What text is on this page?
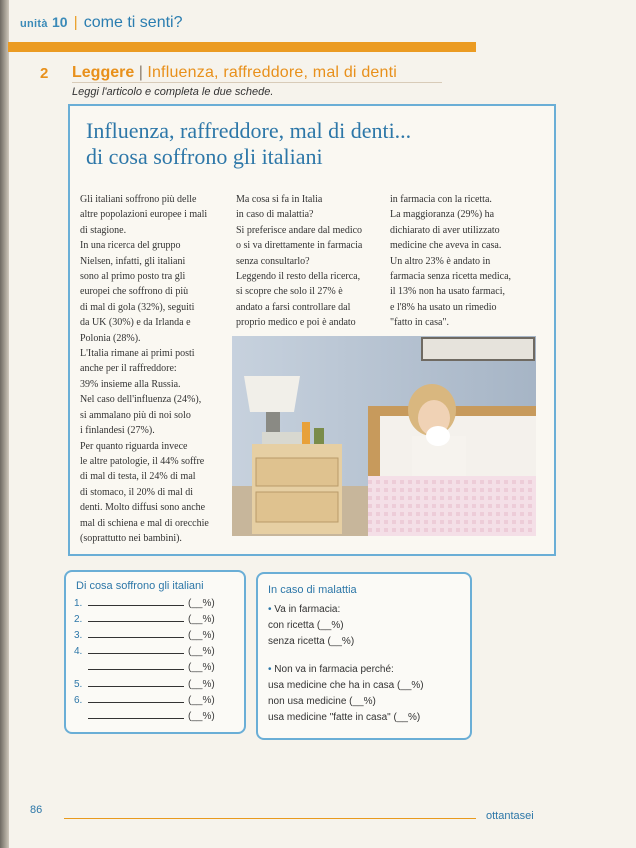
unità 10 | come ti senti?
2 Leggere | Influenza, raffreddore, mal di denti
Leggi l'articolo e completa le due schede.
Influenza, raffreddore, mal di denti...
di cosa soffrono gli italiani
Gli italiani soffrono più delle
altre popolazioni europee i mali
di stagione.
In una ricerca del gruppo
Nielsen, infatti, gli italiani
sono al primo posto tra gli
europei che soffrono di più
di mal di gola (32%), seguiti
da UK (30%) e da Irlanda e
Polonia (28%).
L'Italia rimane ai primi posti
anche per il raffreddore:
39% insieme alla Russia.
Nel caso dell'influenza (24%),
si ammalano più di noi solo
i finlandesi (27%).
Per quanto riguarda invece
le altre patologie, il 44% soffre
di mal di testa, il 24% di mal
di stomaco, il 20% di mal di
denti. Molto diffusi sono anche
mal di schiena e mal di orecchie
(soprattutto nei bambini).
Ma cosa si fa in Italia
in caso di malattia?
Si preferisce andare dal medico
o si va direttamente in farmacia
senza consultarlo?
Leggendo il resto della ricerca,
si scopre che solo il 27% è
andato a farsi controllare dal
proprio medico e poi è andato
in farmacia con la ricetta.
La maggioranza (29%) ha
dichiarato di aver utilizzato
medicine che aveva in casa.
Un altro 23% è andato in
farmacia senza ricetta medica,
il 13% non ha usato farmaci,
e l'8% ha usato un rimedio
"fatto in casa".
Di cosa soffrono gli italiani
1.	(__%)
2.	(__%)
3.	(__%)
4.	(__%)
(__%)
5.	(__%)
6.	(__%)
(__%)
In caso di malattia
• Va in farmacia:
con ricetta (__%)
senza ricetta (__%)
• Non va in farmacia perché:
usa medicine che ha in casa (__%)
non usa medicine (__%)
usa medicine "fatte in casa" (__%)
86	ottantasei
